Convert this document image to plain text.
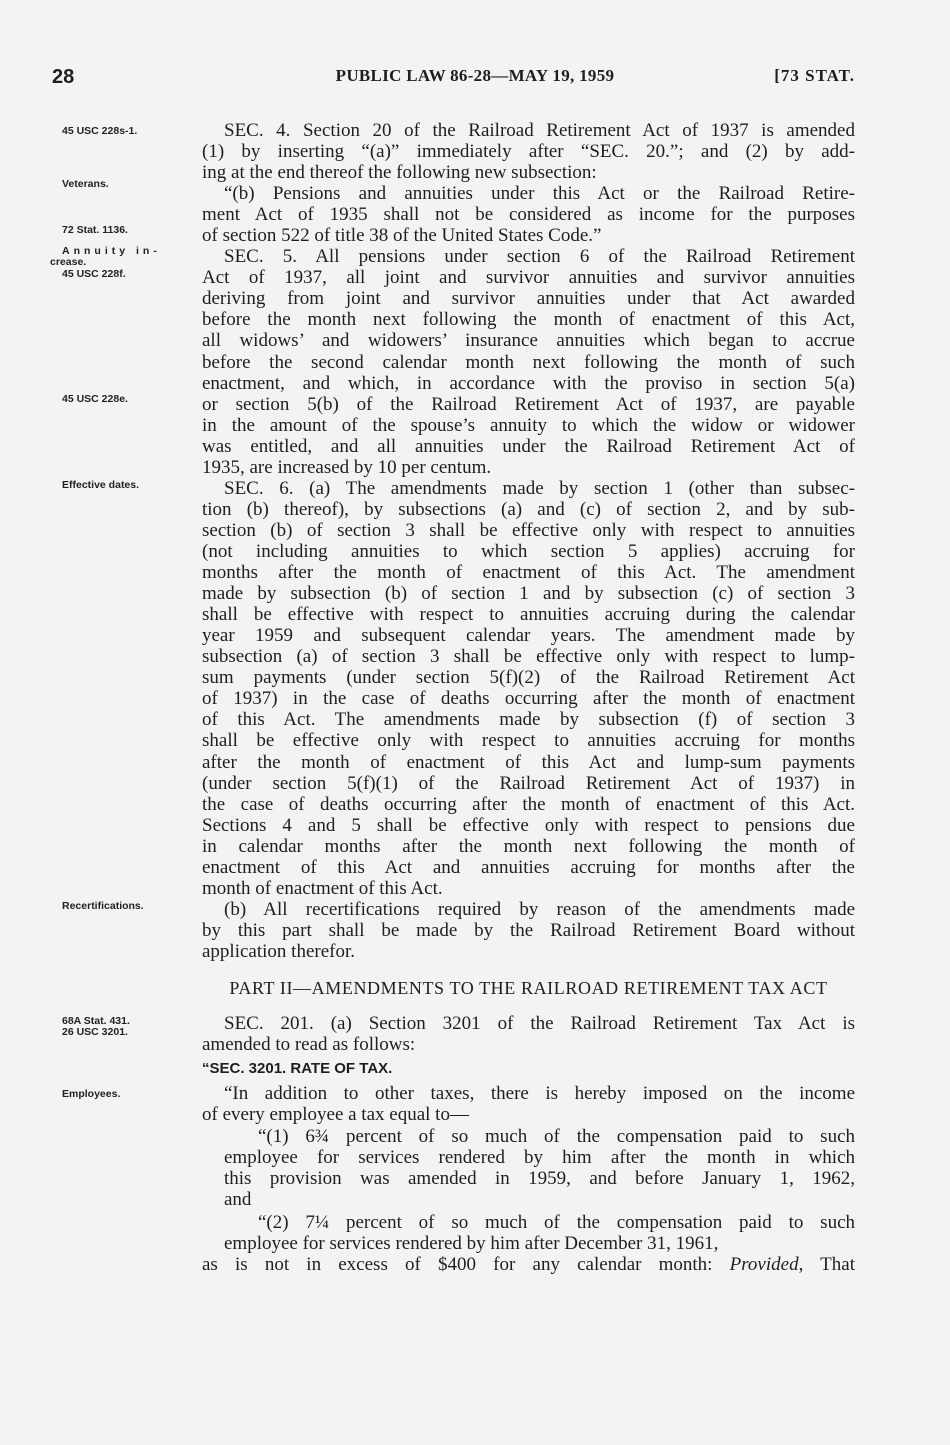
28	PUBLIC LAW 86-28—MAY 19, 1959	[73 STAT.
45 USC 228s-1.
Veterans.
72 Stat. 1136.
Annuity in-
crease.
45 USC 228f.
45 USC 228e.
Effective dates.
Recertifications.
68A Stat. 431.
26 USC 3201.
Employees.
SEC. 4. Section 20 of the Railroad Retirement Act of 1937 is amended
(1) by inserting “(a)” immediately after “SEC. 20.”; and (2) by add-
ing at the end thereof the following new subsection:
“(b) Pensions and annuities under this Act or the Railroad Retire-
ment Act of 1935 shall not be considered as income for the purposes
of section 522 of title 38 of the United States Code.”
SEC. 5. All pensions under section 6 of the Railroad Retirement
Act of 1937, all joint and survivor annuities and survivor annuities
deriving from joint and survivor annuities under that Act awarded
before the month next following the month of enactment of this Act,
all widows’ and widowers’ insurance annuities which began to accrue
before the second calendar month next following the month of such
enactment, and which, in accordance with the proviso in section 5(a)
or section 5(b) of the Railroad Retirement Act of 1937, are payable
in the amount of the spouse’s annuity to which the widow or widower
was entitled, and all annuities under the Railroad Retirement Act of
1935, are increased by 10 per centum.
SEC. 6. (a) The amendments made by section 1 (other than subsec-
tion (b) thereof), by subsections (a) and (c) of section 2, and by sub-
section (b) of section 3 shall be effective only with respect to annuities
(not including annuities to which section 5 applies) accruing for
months after the month of enactment of this Act. The amendment
made by subsection (b) of section 1 and by subsection (c) of section 3
shall be effective with respect to annuities accruing during the calendar
year 1959 and subsequent calendar years. The amendment made by
subsection (a) of section 3 shall be effective only with respect to lump-
sum payments (under section 5(f)(2) of the Railroad Retirement Act
of 1937) in the case of deaths occurring after the month of enactment
of this Act. The amendments made by subsection (f) of section 3
shall be effective only with respect to annuities accruing for months
after the month of enactment of this Act and lump-sum payments
(under section 5(f)(1) of the Railroad Retirement Act of 1937) in
the case of deaths occurring after the month of enactment of this Act.
Sections 4 and 5 shall be effective only with respect to pensions due
in calendar months after the month next following the month of
enactment of this Act and annuities accruing for months after the
month of enactment of this Act.
(b) All recertifications required by reason of the amendments made
by this part shall be made by the Railroad Retirement Board without
application therefor.
PART II—AMENDMENTS TO THE RAILROAD RETIREMENT TAX ACT
SEC. 201. (a) Section 3201 of the Railroad Retirement Tax Act is
amended to read as follows:
“SEC. 3201. RATE OF TAX.
“In addition to other taxes, there is hereby imposed on the income
of every employee a tax equal to—
“(1) 6¾ percent of so much of the compensation paid to such
employee for services rendered by him after the month in which
this provision was amended in 1959, and before January 1, 1962,
and
“(2) 7¼ percent of so much of the compensation paid to such
employee for services rendered by him after December 31, 1961,
as is not in excess of $400 for any calendar month: Provided, That
